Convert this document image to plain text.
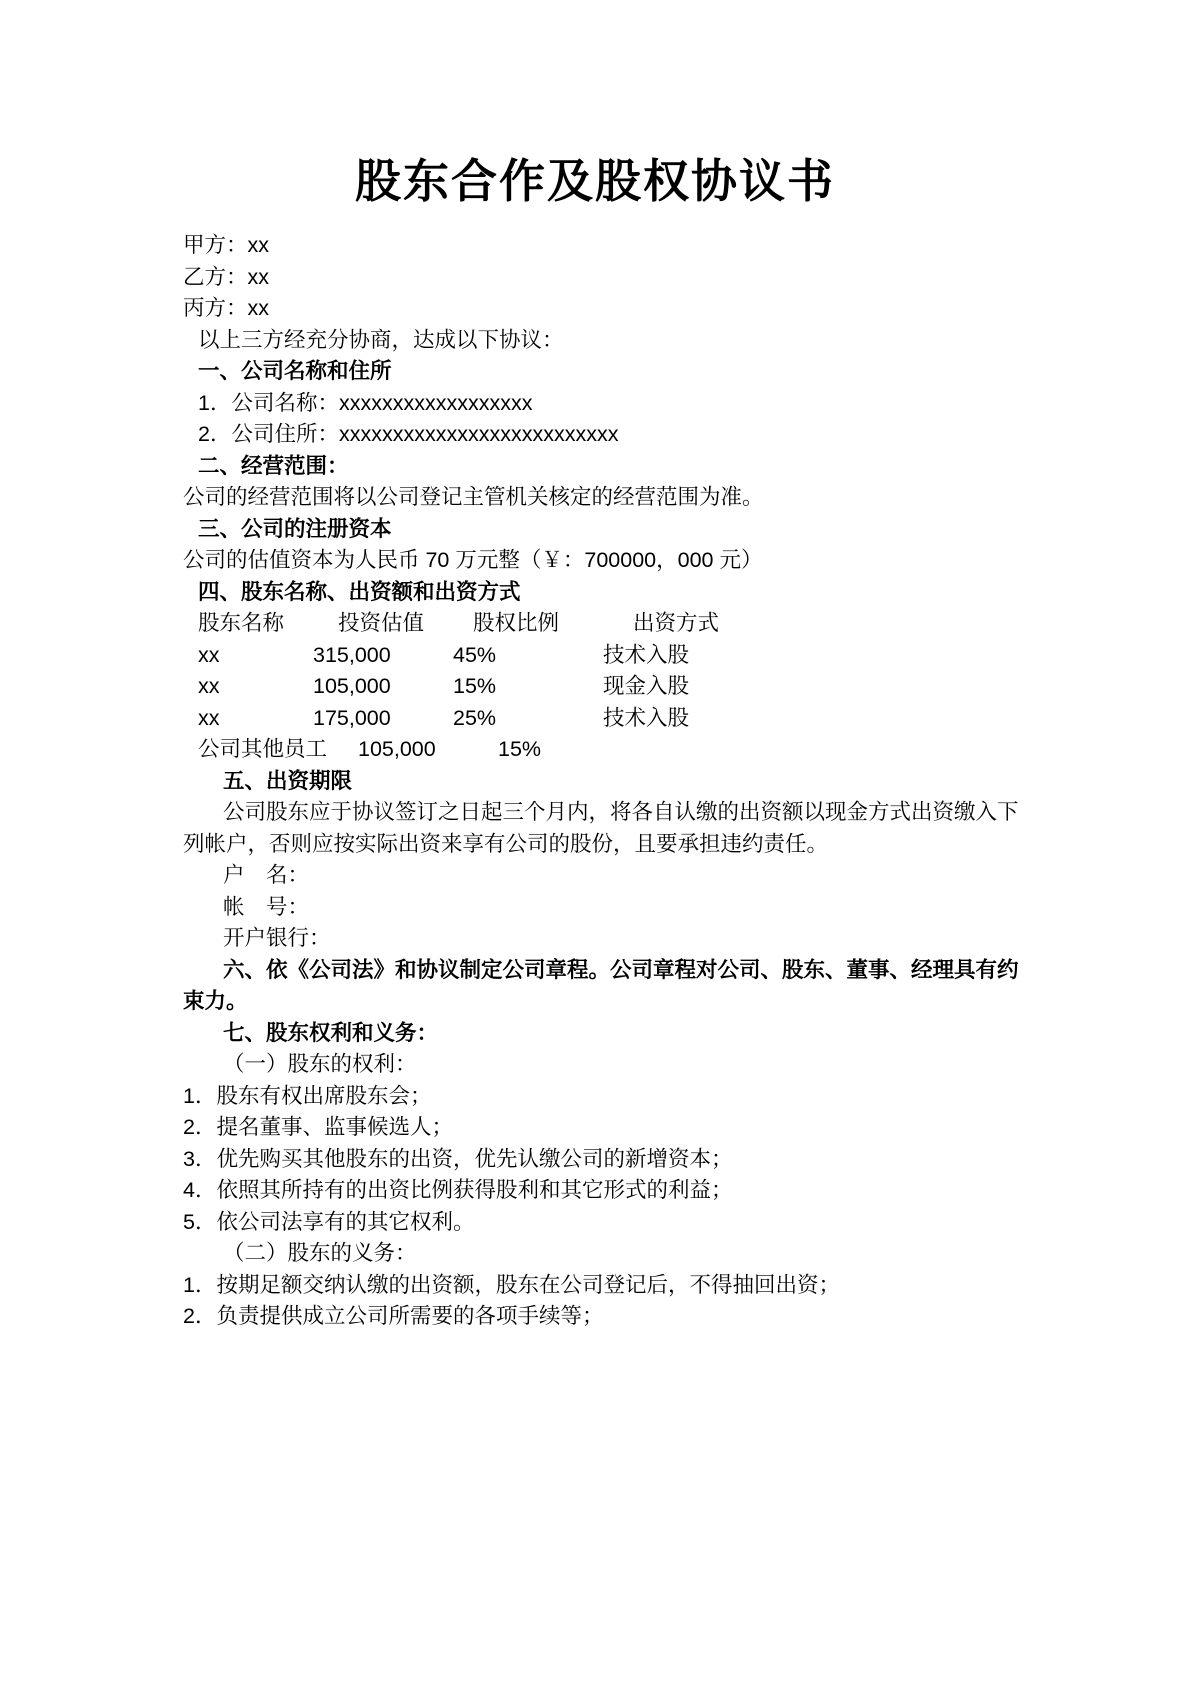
股东合作及股权协议书

甲方：xx

乙方：xx

丙方：xx

以上三方经充分协商，达成以下协议：

一、公司名称和住所

1．公司名称：xxxxxxxxxxxxxxxxxx

2．公司住所：xxxxxxxxxxxxxxxxxxxxxxxxxx

二、经营范围：

公司的经营范围将以公司登记主管机关核定的经营范围为准。

三、公司的注册资本

公司的估值资本为人民币 70 万元整（￥：700000，000 元）

四、股东名称、出资额和出资方式

股东名称	投资估值 股权比例	出资方式
xx	315,000	45%	技术入股
xx	105,000	15%	现金入股
xx	175,000	25%	技术入股
公司其他员工 105,000	15%

五、出资期限

公司股东应于协议签订之日起三个月内，将各自认缴的出资额以现金方式出资缴入下

列帐户，否则应按实际出资来享有公司的股份，且要承担违约责任。

户　名：

帐　号：

开户银行：

六、依《公司法》和协议制定公司章程。公司章程对公司、股东、董事、经理具有约

束力。

七、股东权利和义务：

（一）股东的权利：

1．股东有权出席股东会；

2．提名董事、监事候选人；

3．优先购买其他股东的出资，优先认缴公司的新增资本；

4．依照其所持有的出资比例获得股利和其它形式的利益；

5．依公司法享有的其它权利。

（二）股东的义务：

1．按期足额交纳认缴的出资额，股东在公司登记后，不得抽回出资；

2．负责提供成立公司所需要的各项手续等；
